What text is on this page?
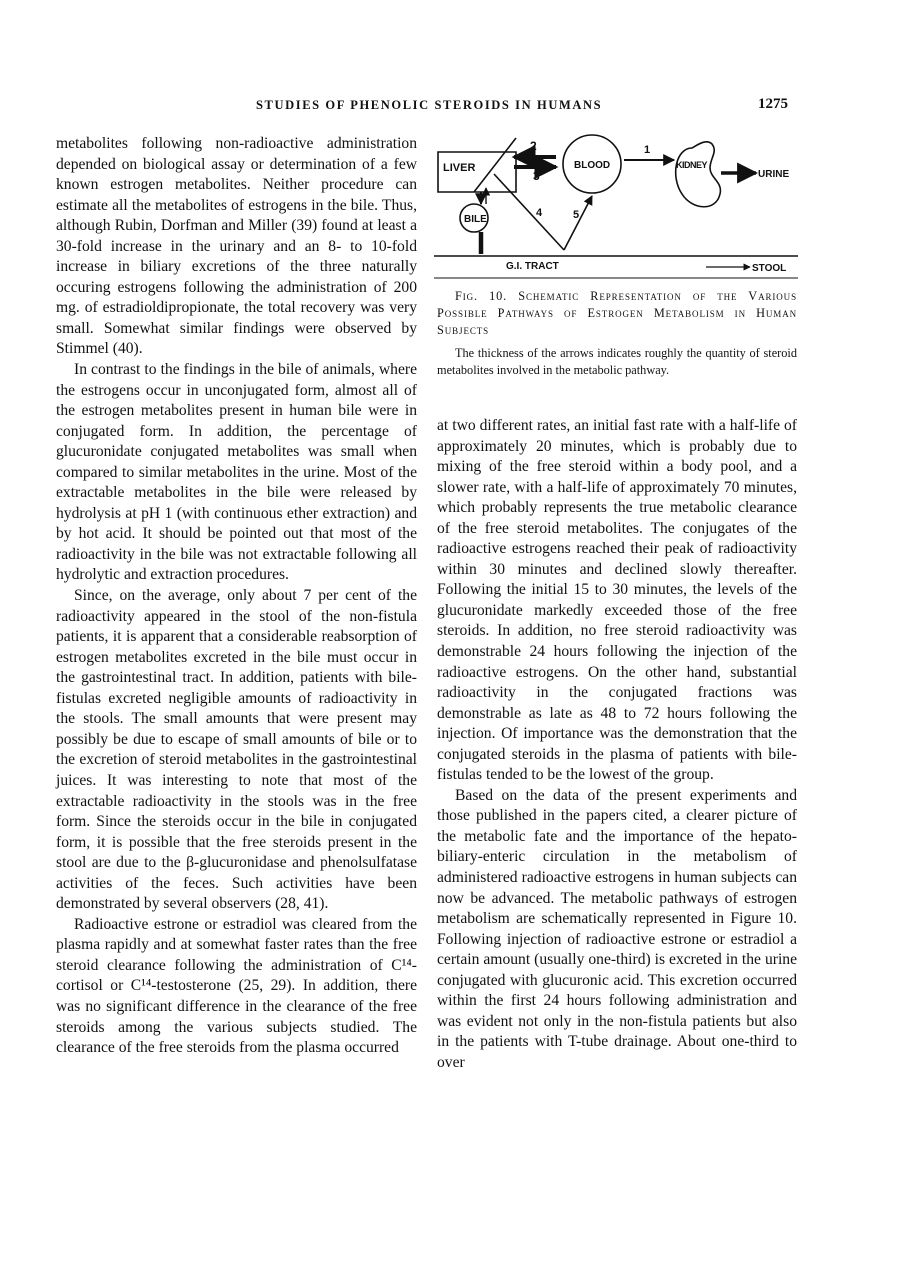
STUDIES OF PHENOLIC STEROIDS IN HUMANS	1275

metabolites following non-radioactive administration depended on biological assay or determination of a few known estrogen metabolites. Neither procedure can estimate all the metabolites of estrogens in the bile. Thus, although Rubin, Dorfman and Miller (39) found at least a 30-fold increase in the urinary and an 8- to 10-fold increase in biliary excretions of the three naturally occuring estrogens following the administration of 200 mg. of estradioldipropionate, the total recovery was very small. Somewhat similar findings were observed by Stimmel (40).

In contrast to the findings in the bile of animals, where the estrogens occur in unconjugated form, almost all of the estrogen metabolites present in human bile were in conjugated form. In addition, the percentage of glucuronidate conjugated metabolites was small when compared to similar metabolites in the urine. Most of the extractable metabolites in the bile were released by hydrolysis at pH 1 (with continuous ether extraction) and by hot acid. It should be pointed out that most of the radioactivity in the bile was not extractable following all hydrolytic and extraction procedures.

Since, on the average, only about 7 per cent of the radioactivity appeared in the stool of the non-fistula patients, it is apparent that a considerable reabsorption of estrogen metabolites excreted in the bile must occur in the gastrointestinal tract. In addition, patients with bile-fistulas excreted negligible amounts of radioactivity in the stools. The small amounts that were present may possibly be due to escape of small amounts of bile or to the excretion of steroid metabolites in the gastrointestinal juices. It was interesting to note that most of the extractable radioactivity in the stools was in the free form. Since the steroids occur in the bile in conjugated form, it is possible that the free steroids present in the stool are due to the β-glucuronidase and phenolsulfatase activities of the feces. Such activities have been demonstrated by several observers (28, 41).

Radioactive estrone or estradiol was cleared from the plasma rapidly and at somewhat faster rates than the free steroid clearance following the administration of C¹⁴-cortisol or C¹⁴-testosterone (25, 29). In addition, there was no significant difference in the clearance of the free steroids among the various subjects studied. The clearance of the free steroids from the plasma occurred

LIVER
2
3
BLOOD
1
KIDNEY
URINE
BILE
4	5
G.I. TRACT	STOOL

Fig. 10. Schematic Representation of the Various Possible Pathways of Estrogen Metabolism in Human Subjects

The thickness of the arrows indicates roughly the quantity of steroid metabolites involved in the metabolic pathway.

at two different rates, an initial fast rate with a half-life of approximately 20 minutes, which is probably due to mixing of the free steroid within a body pool, and a slower rate, with a half-life of approximately 70 minutes, which probably represents the true metabolic clearance of the free steroid metabolites. The conjugates of the radioactive estrogens reached their peak of radioactivity within 30 minutes and declined slowly thereafter. Following the initial 15 to 30 minutes, the levels of the glucuronidate markedly exceeded those of the free steroids. In addition, no free steroid radioactivity was demonstrable 24 hours following the injection of the radioactive estrogens. On the other hand, substantial radioactivity in the conjugated fractions was demonstrable as late as 48 to 72 hours following the injection. Of importance was the demonstration that the conjugated steroids in the plasma of patients with bile-fistulas tended to be the lowest of the group.

Based on the data of the present experiments and those published in the papers cited, a clearer picture of the metabolic fate and the importance of the hepato-biliary-enteric circulation in the metabolism of administered radioactive estrogens in human subjects can now be advanced. The metabolic pathways of estrogen metabolism are schematically represented in Figure 10. Following injection of radioactive estrone or estradiol a certain amount (usually one-third) is excreted in the urine conjugated with glucuronic acid. This excretion occurred within the first 24 hours following administration and was evident not only in the non-fistula patients but also in the patients with T-tube drainage. About one-third to over
